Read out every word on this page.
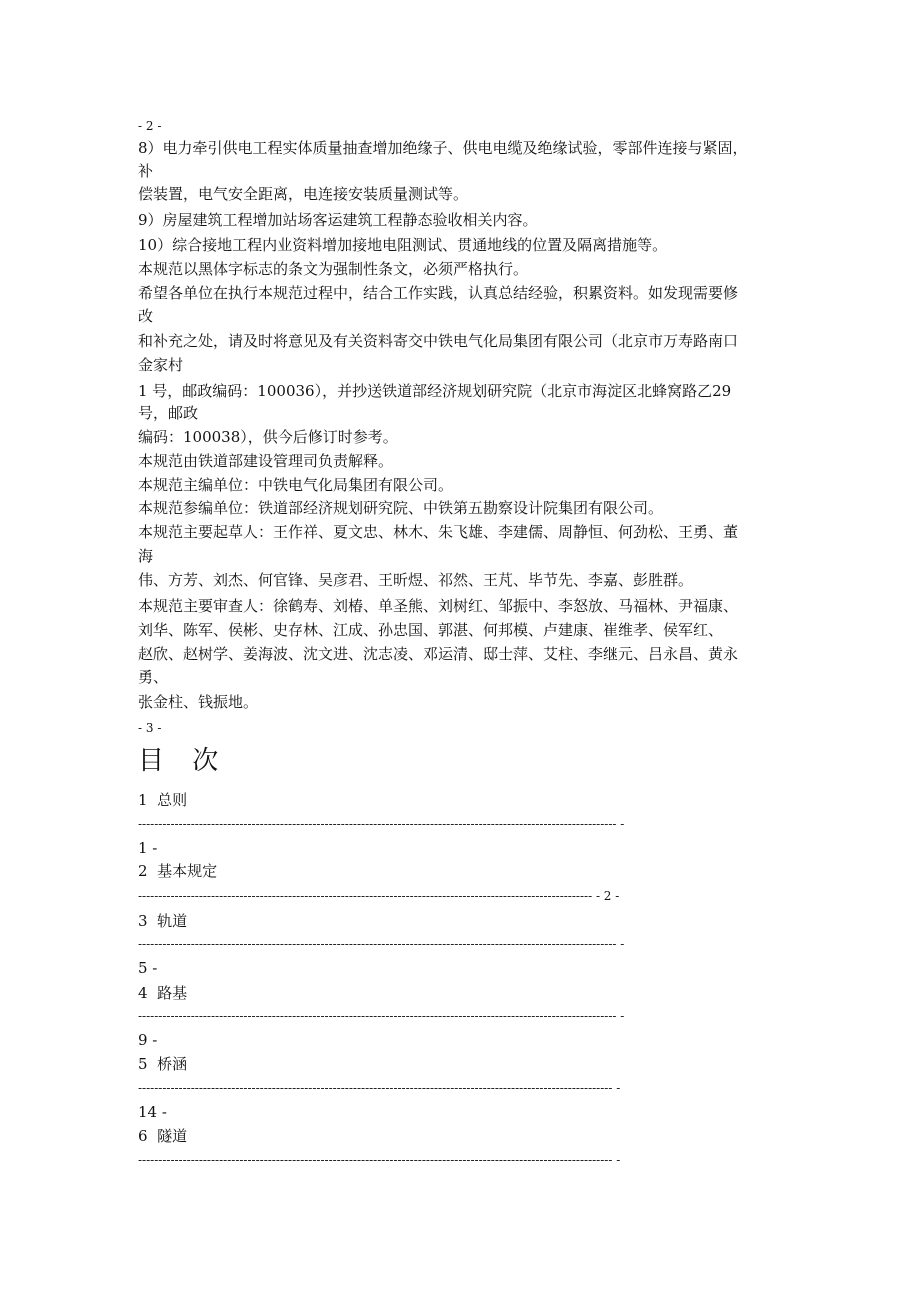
- 2 -

8）电力牵引供电工程实体质量抽查增加绝缘子、供电电缆及绝缘试验，零部件连接与紧固，

补

偿装置，电气安全距离，电连接安装质量测试等。

9）房屋建筑工程增加站场客运建筑工程静态验收相关内容。

10）综合接地工程内业资料增加接地电阻测试、贯通地线的位置及隔离措施等。

本规范以黑体字标志的条文为强制性条文，必须严格执行。

希望各单位在执行本规范过程中，结合工作实践，认真总结经验，积累资料。如发现需要修

改

和补充之处，请及时将意见及有关资料寄交中铁电气化局集团有限公司（北京市万寿路南口

金家村

1 号，邮政编码：100036），并抄送铁道部经济规划研究院（北京市海淀区北蜂窝路乙29

号，邮政

编码：100038），供今后修订时参考。

本规范由铁道部建设管理司负责解释。

本规范主编单位：中铁电气化局集团有限公司。

本规范参编单位：铁道部经济规划研究院、中铁第五勘察设计院集团有限公司。

本规范主要起草人：王作祥、夏文忠、林木、朱飞雄、李建儒、周静恒、何劲松、王勇、董

海

伟、方芳、刘杰、何官锋、吴彦君、王昕煜、祁然、王芃、毕节先、李嘉、彭胜群。

本规范主要审查人：徐鹤寿、刘椿、单圣熊、刘树红、邹振中、李怒放、马福林、尹福康、

刘华、陈军、侯彬、史存林、江成、孙忠国、郭湛、何邦模、卢建康、崔维孝、侯军红、

赵欣、赵树学、姜海波、沈文进、沈志凌、邓运清、邸士萍、艾柱、李继元、吕永昌、黄永

勇、

张金柱、钱振地。

- 3 -

目 次

1  总则

---------------------------------------------------------------------------------------------------------------------- -

1 -

2  基本规定

---------------------------------------------------------------------------------------------------------------- - 2 -

3  轨道

---------------------------------------------------------------------------------------------------------------------- -

5 -

4  路基

---------------------------------------------------------------------------------------------------------------------- -

9 -

5  桥涵

--------------------------------------------------------------------------------------------------------------------- -

14 -

6  隧道

--------------------------------------------------------------------------------------------------------------------- -
